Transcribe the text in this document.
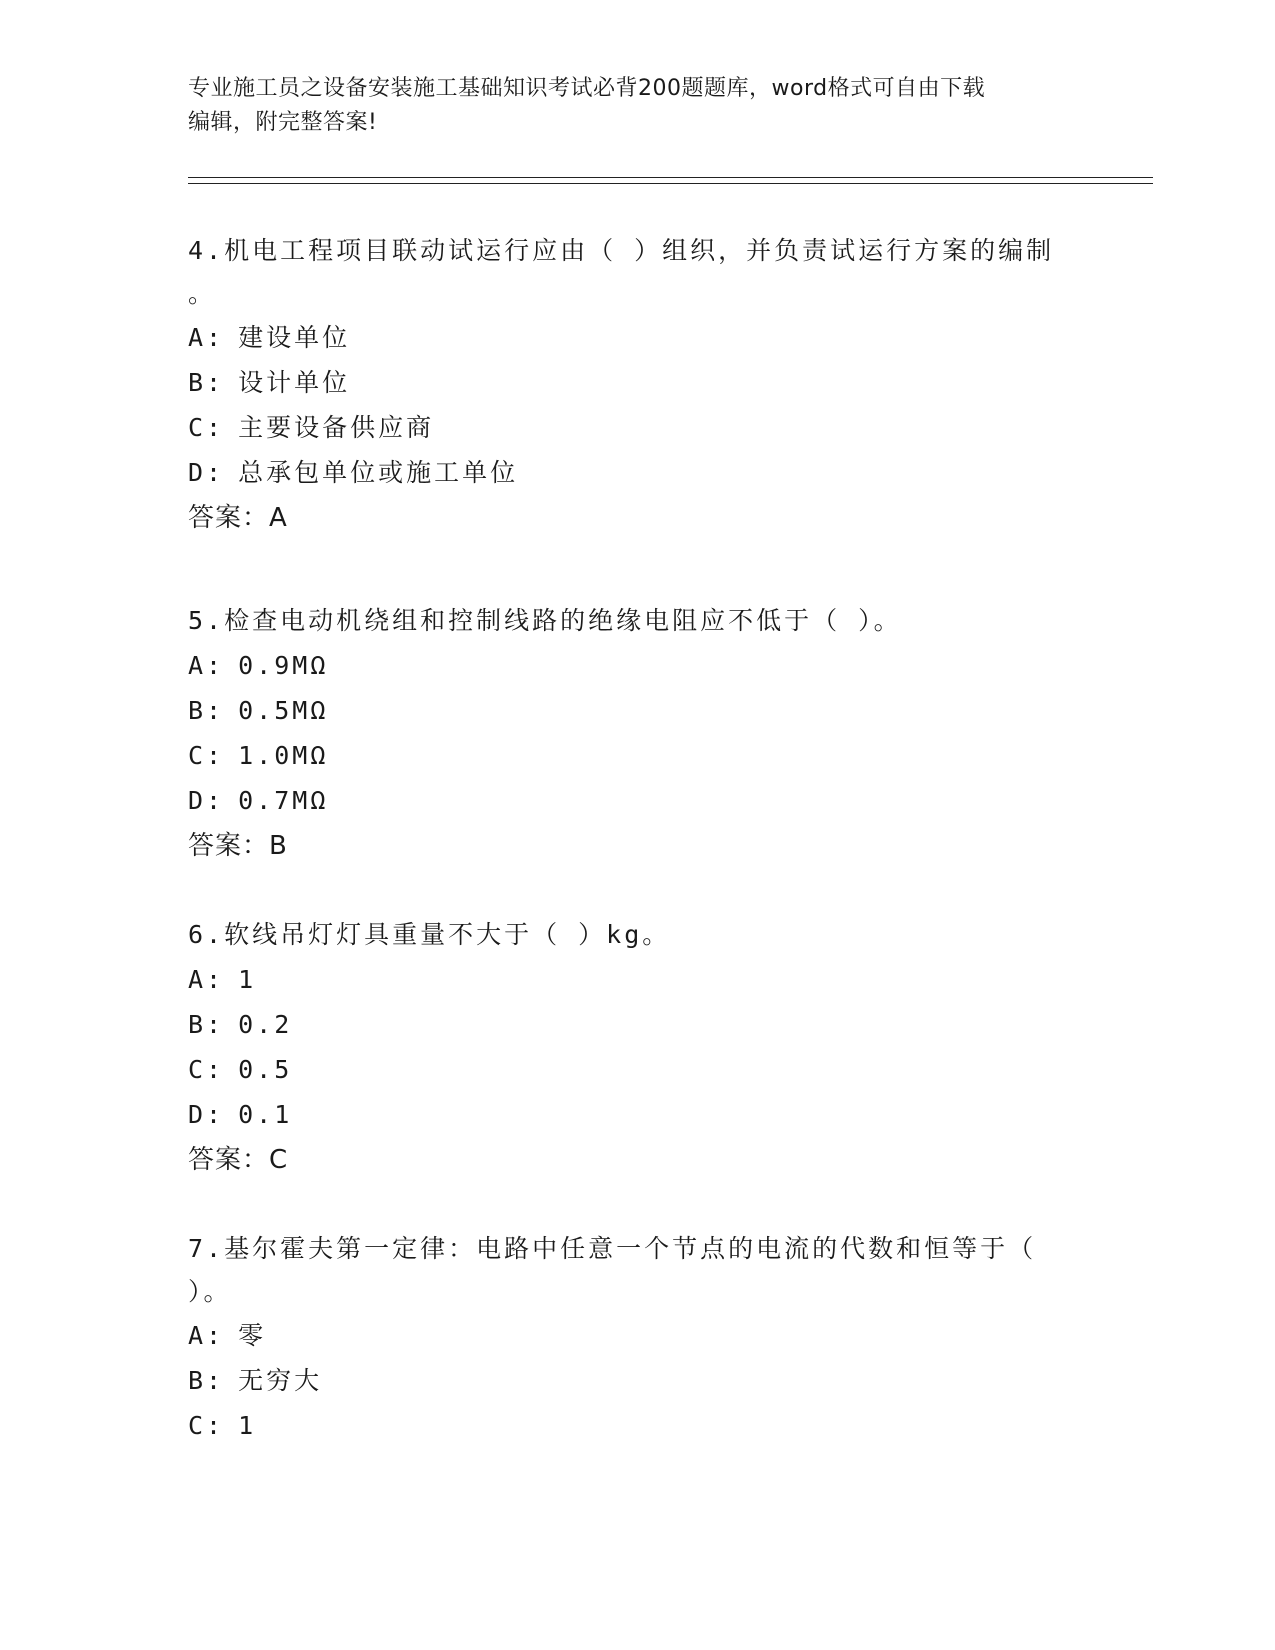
专业施工员之设备安装施工基础知识考试必背200题题库，word格式可自由下载
编辑，附完整答案!
4.机电工程项目联动试运行应由（ ）组织，并负责试运行方案的编制
。
A: 建设单位
B: 设计单位
C: 主要设备供应商
D: 总承包单位或施工单位
答案：A
5.检查电动机绕组和控制线路的绝缘电阻应不低于（ ）。
A: 0.9MΩ
B: 0.5MΩ
C: 1.0MΩ
D: 0.7MΩ
答案：B
6.软线吊灯灯具重量不大于（ ）kg。
A: 1
B: 0.2
C: 0.5
D: 0.1
答案：C
7.基尔霍夫第一定律：电路中任意一个节点的电流的代数和恒等于（
）。
A: 零
B: 无穷大
C: 1
